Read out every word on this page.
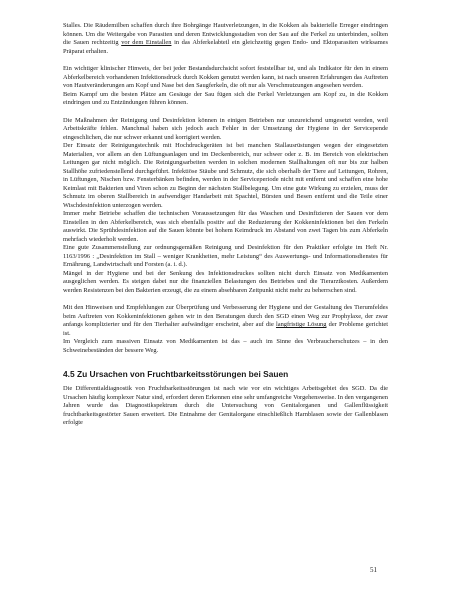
Stalles. Die Räudemilben schaffen durch ihre Bohrgänge Hautverletzungen, in die Kokken als bakterielle Erreger eindringen können. Um die Weitergabe von Parasiten und deren Entwicklungsstadien von der Sau auf die Ferkel zu unterbinden, sollten die Sauen rechtzeitig vor dem Einstallen in das Abferkelabteil ein gleichzeitig gegen Endo- und Ektoparasiten wirksames Präparat erhalten.

Ein wichtiger klinischer Hinweis, der bei jeder Bestandsdurchsicht sofort feststellbar ist, und als Indikator für den in einem Abferkelbereich vorhandenen Infektionsdruck durch Kokken genutzt werden kann, ist nach unseren Erfahrungen das Auftreten von Hautveränderungen am Kopf und Nase bei den Saugferkeln, die oft nur als Verschmutzungen angesehen werden.

Beim Kampf um die besten Plätze am Gesäuge der Sau fügen sich die Ferkel Verletzungen am Kopf zu, in die Kokken eindringen und zu Entzündungen führen können.

Die Maßnahmen der Reinigung und Desinfektion können in einigen Betrieben nur unzureichend umgesetzt werden, weil Arbeitskräfte fehlen. Manchmal haben sich jedoch auch Fehler in der Umsetzung der Hygiene in der Servicepende eingeschlichen, die nur schwer erkannt und korrigiert werden.

Der Einsatz der Reinigungstechnik mit Hochdruckgeräten ist bei manchen Stallausrüstungen wegen der eingesetzten Materialien, vor allem an den Lüftungsanlagen und im Deckenbereich, nur schwer oder z. B. im Bereich von elektrischen Leitungen gar nicht möglich. Die Reinigungsarbeiten werden in solchen modernen Stallhaltungen oft nur bis zur halben Stallhöhe zufriedenstellend durchgeführt. Infektiöse Stäube und Schmutz, die sich oberhalb der Tiere auf Leitungen, Rohren, in Lüftungen, Nischen bzw. Fensterbänken befinden, werden in der Serviceperiode nicht mit entfernt und schaffen eine hohe Keimlast mit Bakterien und Viren schon zu Beginn der nächsten Stallbelegung. Um eine gute Wirkung zu erzielen, muss der Schmutz im oberen Stallbereich in aufwendiger Handarbeit mit Spachtel, Bürsten und Besen entfernt und die Teile einer Wischdesinfektion unterzogen werden.

Immer mehr Betriebe schaffen die technischen Voraussetzungen für das Waschen und Desinfizieren der Sauen vor dem Einstellen in den Abferkelbereich, was sich ebenfalls positiv auf die Reduzierung der Kokkeninfektionen bei den Ferkeln auswirkt. Die Sprühdesinfektion auf die Sauen könnte bei hohem Keimdruck im Abstand von zwei Tagen bis zum Abferkeln mehrfach wiederholt werden.

Eine gute Zusammenstellung zur ordnungsgemäßen Reinigung und Desinfektion für den Praktiker erfolgte im Heft Nr. 1163/1996 : „Desinfektion im Stall – weniger Krankheiten, mehr Leistung“ des Auswertungs- und Informationsdienstes für Ernährung, Landwirtschaft und Forsten (a. i. d.).

Mängel in der Hygiene und bei der Senkung des Infektionsdruckes sollten nicht durch Einsatz von Medikamenten ausgeglichen werden. Es steigen dabei nur die finanziellen Belastungen des Betriebes und die Tierarztkosten. Außerdem werden Resistenzen bei den Bakterien erzeugt, die zu einem absehbaren Zeitpunkt nicht mehr zu beherrschen sind.

Mit den Hinweisen und Empfehlungen zur Überprüfung und Verbesserung der Hygiene und der Gestaltung des Tierumfeldes beim Auftreten von Kokkeninfektionen gehen wir in den Beratungen durch den SGD einen Weg zur Prophylaxe, der zwar anfangs komplizierter und für den Tierhalter aufwändiger erscheint, aber auf die langfristige Lösung der Probleme gerichtet ist.

Im Vergleich zum massiven Einsatz von Medikamenten ist das – auch im Sinne des Verbraucherschutzes – in den Schweinebeständen der bessere Weg.

4.5 Zu Ursachen von Fruchtbarkeitsstörungen bei Sauen

Die Differentialdiagnostik von Fruchtbarkeitsstörungen ist nach wie vor ein wichtiges Arbeitsgebiet des SGD. Da die Ursachen häufig komplexer Natur sind, erfordert deren Erkennen eine sehr umfangreiche Vorgehensweise. In den vergangenen Jahren wurde das Diagnostikspektrum durch die Untersuchung von Genitalorganen und Gallenflüssigkeit fruchtbarkeitsgestörter Sauen erweitert. Die Entnahme der Genitalorgane einschließlich Harnblasen sowie der Gallenblasen erfolgte

51
